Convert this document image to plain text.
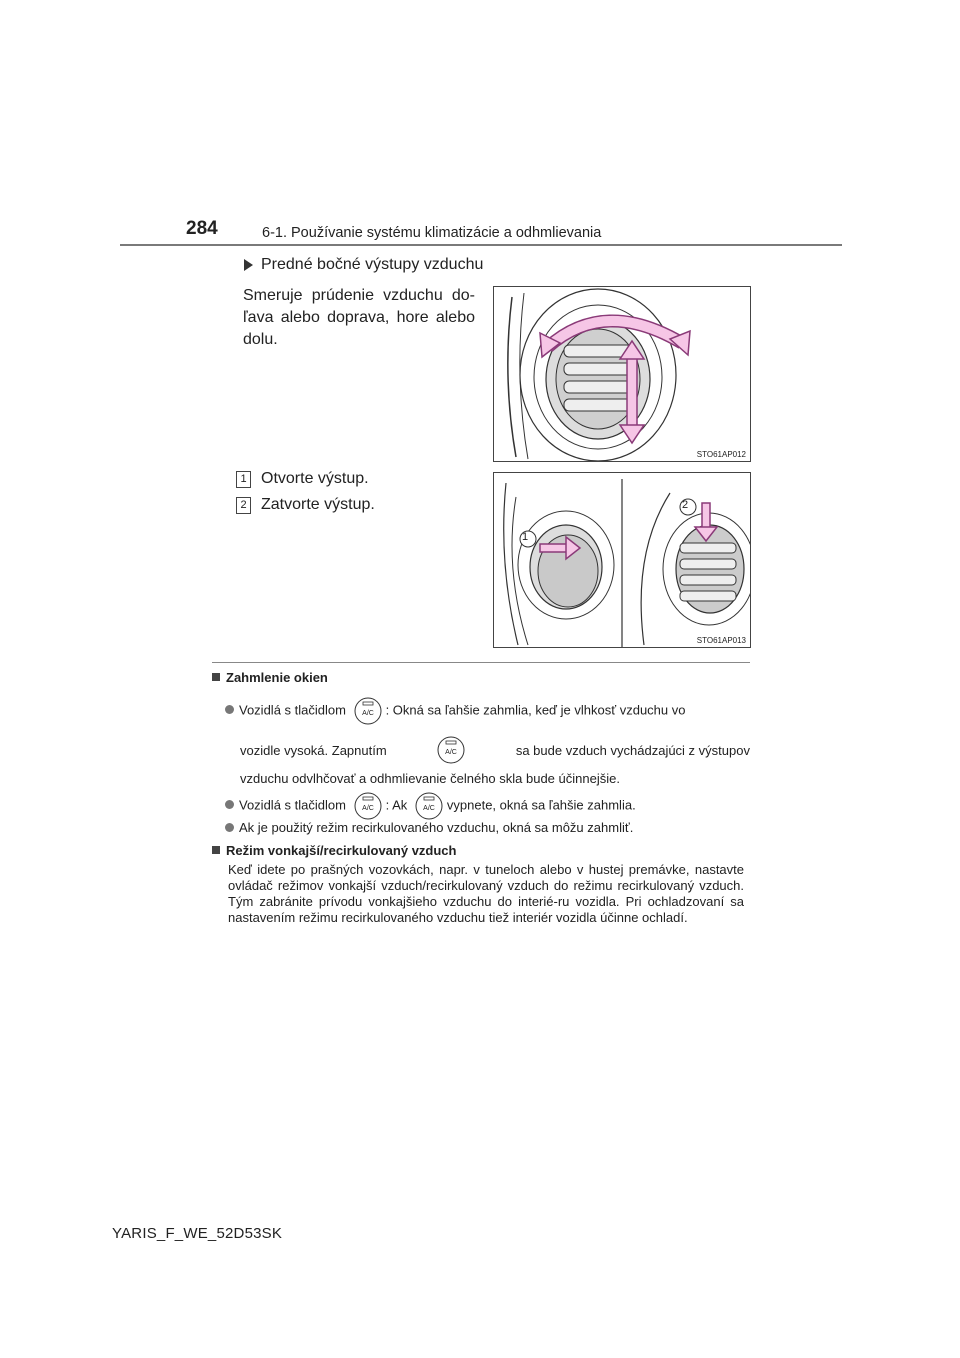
284	6-1. Používanie systému klimatizácie a odhmlievania
Predné bočné výstupy vzduchu
Smeruje prúdenie vzduchu do-ľava alebo doprava, hore alebo dolu.
STO61AP012
1 Otvorte výstup.
2 Zatvorte výstup.
1
2
STO61AP013
Zahmlenie okien
Vozidlá s tlačidlom A/C : Okná sa ľahšie zahmlia, keď je vlhkosť vzduchu vo
vozidle vysoká. Zapnutím	A/C	sa bude vzduch vychádzajúci z výstupov
vzduchu odvlhčovať a odhmlievanie čelného skla bude účinnejšie.
Vozidlá s tlačidlom A/C : Ak A/C vypnete, okná sa ľahšie zahmlia.
Ak je použitý režim recirkulovaného vzduchu, okná sa môžu zahmliť.
Režim vonkajší/recirkulovaný vzduch
Keď idete po prašných vozovkách, napr. v tuneloch alebo v hustej premávke, nastavte ovládač režimov vonkajší vzduch/recirkulovaný vzduch do režimu recirkulovaný vzduch. Tým zabránite prívodu vonkajšieho vzduchu do interié-ru vozidla. Pri ochladzovaní sa nastavením režimu recirkulovaného vzduchu tiež interiér vozidla účinne ochladí.
YARIS_F_WE_52D53SK
